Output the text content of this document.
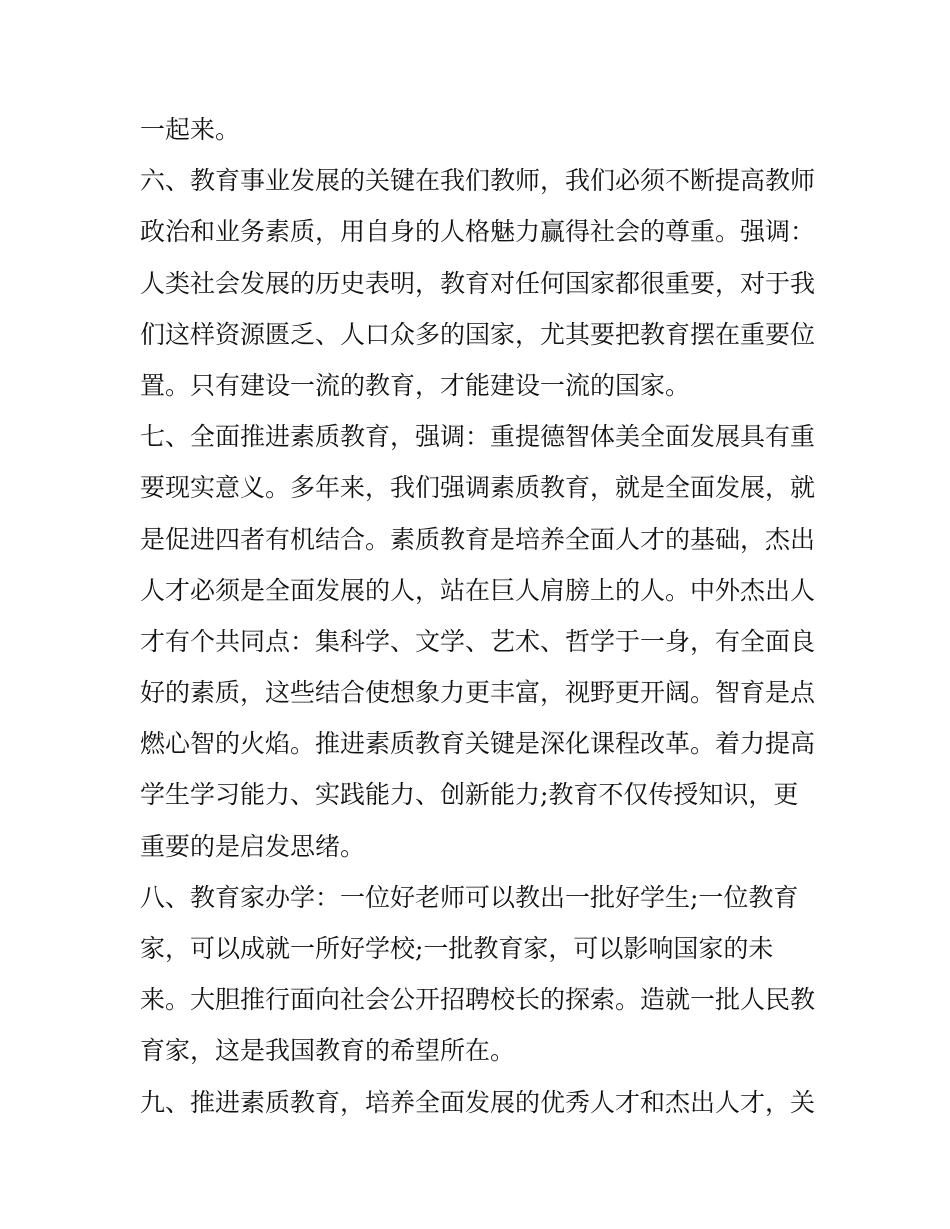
一起来。
六、教育事业发展的关键在我们教师，我们必须不断提高教师
政治和业务素质，用自身的人格魅力赢得社会的尊重。强调：
人类社会发展的历史表明，教育对任何国家都很重要，对于我
们这样资源匮乏、人口众多的国家，尤其要把教育摆在重要位
置。只有建设一流的教育，才能建设一流的国家。
七、全面推进素质教育，强调：重提德智体美全面发展具有重
要现实意义。多年来，我们强调素质教育，就是全面发展，就
是促进四者有机结合。素质教育是培养全面人才的基础，杰出
人才必须是全面发展的人，站在巨人肩膀上的人。中外杰出人
才有个共同点：集科学、文学、艺术、哲学于一身，有全面良
好的素质，这些结合使想象力更丰富，视野更开阔。智育是点
燃心智的火焰。推进素质教育关键是深化课程改革。着力提高
学生学习能力、实践能力、创新能力;教育不仅传授知识，更
重要的是启发思绪。
八、教育家办学：一位好老师可以教出一批好学生;一位教育
家，可以成就一所好学校;一批教育家，可以影响国家的未
来。大胆推行面向社会公开招聘校长的探索。造就一批人民教
育家，这是我国教育的希望所在。
九、推进素质教育，培养全面发展的优秀人才和杰出人才，关
